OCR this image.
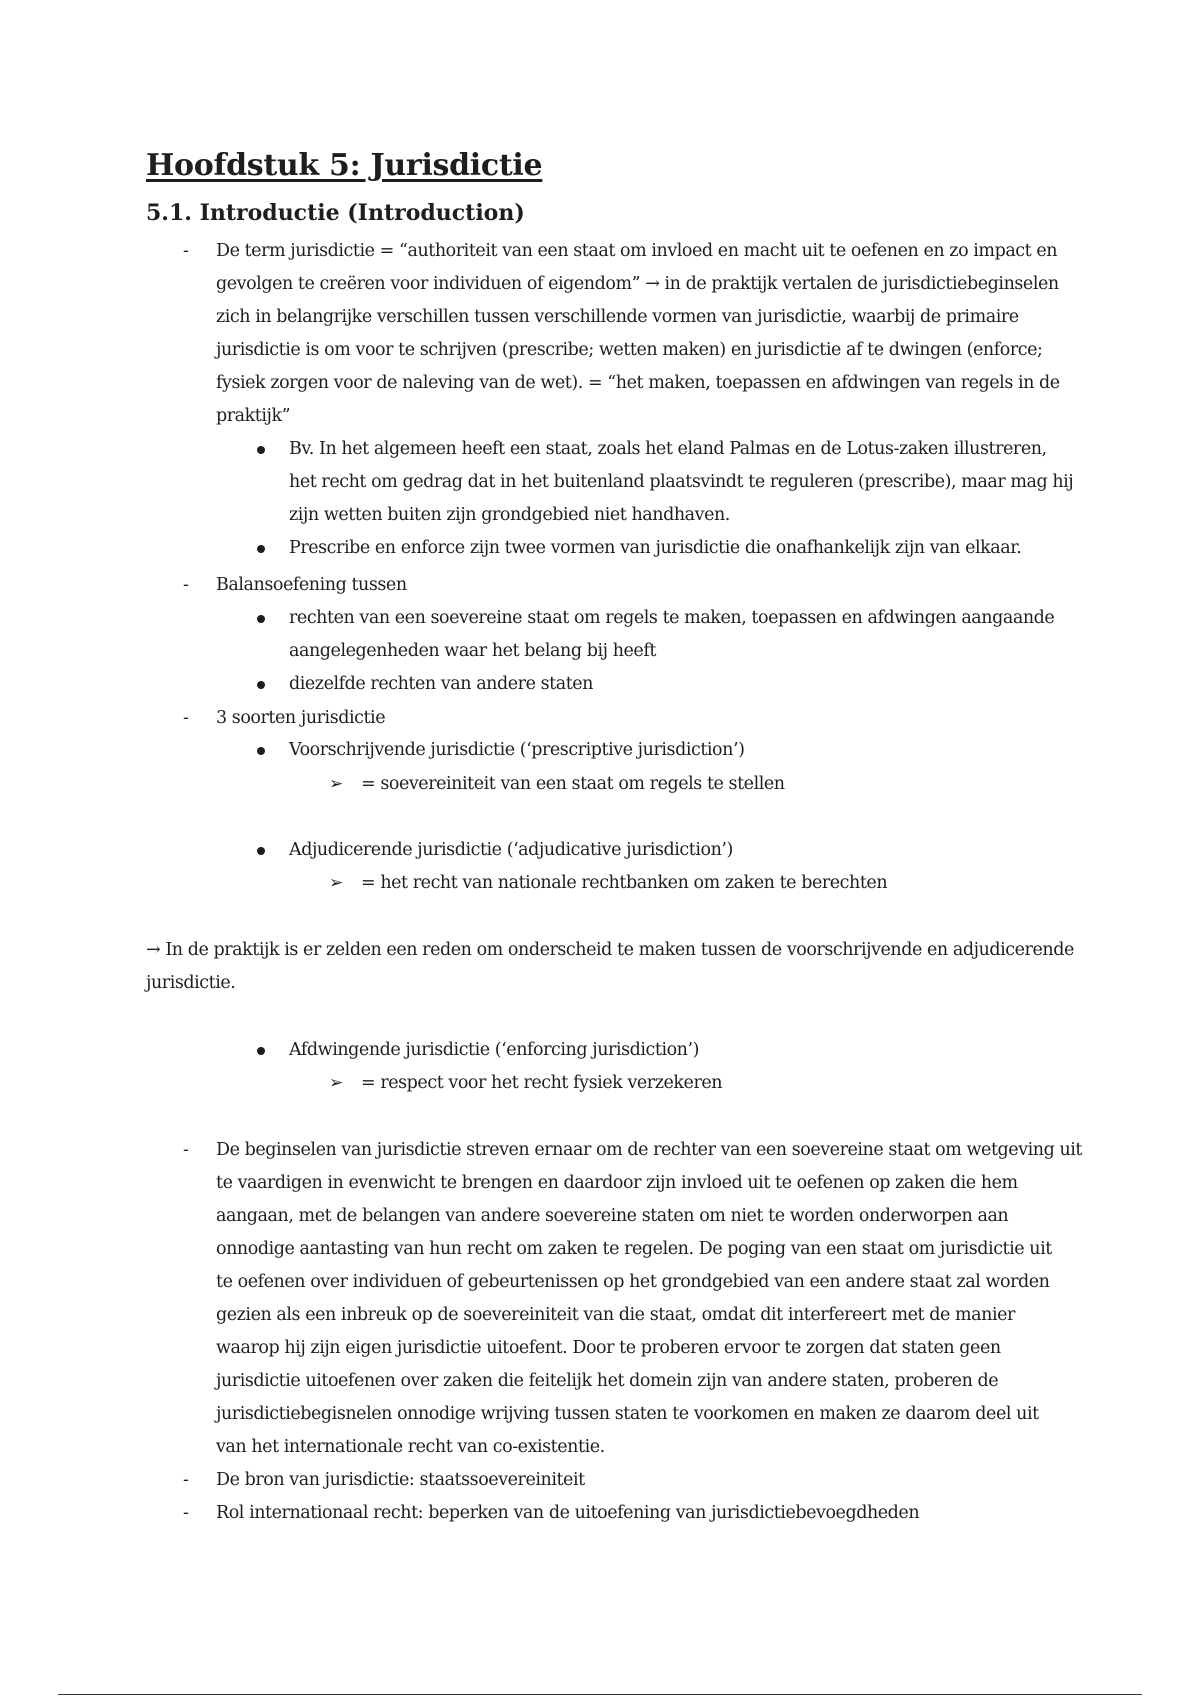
Hoofdstuk 5: Jurisdictie
5.1. Introductie (Introduction)
- De term jurisdictie = “authoriteit van een staat om invloed en macht uit te oefenen en zo impact en
gevolgen te creëren voor individuen of eigendom” → in de praktijk vertalen de jurisdictiebeginselen
zich in belangrijke verschillen tussen verschillende vormen van jurisdictie, waarbij de primaire
jurisdictie is om voor te schrijven (prescribe; wetten maken) en jurisdictie af te dwingen (enforce;
fysiek zorgen voor de naleving van de wet). = “het maken, toepassen en afdwingen van regels in de
praktijk”
Bv. In het algemeen heeft een staat, zoals het eland Palmas en de Lotus-zaken illustreren,
het recht om gedrag dat in het buitenland plaatsvindt te reguleren (prescribe), maar mag hij
zijn wetten buiten zijn grondgebied niet handhaven.
Prescribe en enforce zijn twee vormen van jurisdictie die onafhankelijk zijn van elkaar.
- Balansoefening tussen
rechten van een soevereine staat om regels te maken, toepassen en afdwingen aangaande
aangelegenheden waar het belang bij heeft
diezelfde rechten van andere staten
- 3 soorten jurisdictie
Voorschrijvende jurisdictie (‘prescriptive jurisdiction’)
➢ = soevereiniteit van een staat om regels te stellen
Adjudicerende jurisdictie (‘adjudicative jurisdiction’)
➢ = het recht van nationale rechtbanken om zaken te berechten
→ In de praktijk is er zelden een reden om onderscheid te maken tussen de voorschrijvende en adjudicerende
jurisdictie.
Afdwingende jurisdictie (‘enforcing jurisdiction’)
➢ = respect voor het recht fysiek verzekeren
- De beginselen van jurisdictie streven ernaar om de rechter van een soevereine staat om wetgeving uit
te vaardigen in evenwicht te brengen en daardoor zijn invloed uit te oefenen op zaken die hem
aangaan, met de belangen van andere soevereine staten om niet te worden onderworpen aan
onnodige aantasting van hun recht om zaken te regelen. De poging van een staat om jurisdictie uit
te oefenen over individuen of gebeurtenissen op het grondgebied van een andere staat zal worden
gezien als een inbreuk op de soevereiniteit van die staat, omdat dit interfereert met de manier
waarop hij zijn eigen jurisdictie uitoefent. Door te proberen ervoor te zorgen dat staten geen
jurisdictie uitoefenen over zaken die feitelijk het domein zijn van andere staten, proberen de
jurisdictiebegisnelen onnodige wrijving tussen staten te voorkomen en maken ze daarom deel uit
van het internationale recht van co-existentie.
- De bron van jurisdictie: staatssoevereiniteit
- Rol internationaal recht: beperken van de uitoefening van jurisdictiebevoegdheden
